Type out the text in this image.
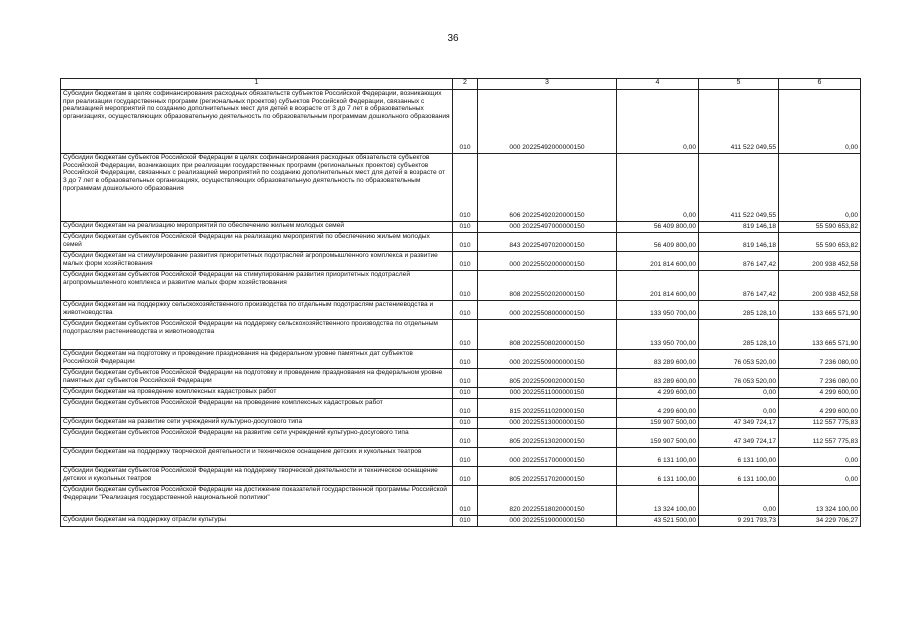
36
1	2	3	4	5	6
Субсидии бюджетам в целях софинансирования расходных обязательств субъектов Российской Федерации, возникающих при реализации государственных программ (региональных проектов) субъектов Российской Федерации, связанных с реализацией мероприятий по созданию дополнительных мест для детей в возрасте от 3 до 7 лет в образовательных организациях, осуществляющих образовательную деятельность по образовательным программам дошкольного образования	010	000 20225492000000150	0,00	411 522 049,55	0,00
Субсидии бюджетам субъектов Российской Федерации в целях софинансирования расходных обязательств субъектов Российской Федерации, возникающих при реализации государственных программ (региональных проектов) субъектов Российской Федерации, связанных с реализацией мероприятий по созданию дополнительных мест для детей в возрасте от 3 до 7 лет в образовательных организациях, осуществляющих образовательную деятельность по образовательным программам дошкольного образования	010	606 20225492020000150	0,00	411 522 049,55	0,00
Субсидии бюджетам на реализацию мероприятий по обеспечению жильем молодых семей	010	000 20225497000000150	56 409 800,00	819 146,18	55 590 653,82
Субсидии бюджетам субъектов Российской Федерации на реализацию мероприятий по обеспечению жильем молодых семей	010	843 20225497020000150	56 409 800,00	819 146,18	55 590 653,82
Субсидии бюджетам на стимулирование развития приоритетных подотраслей агропромышленного комплекса и развитие малых форм хозяйствования	010	000 20225502000000150	201 814 600,00	876 147,42	200 938 452,58
Субсидии бюджетам субъектов Российской Федерации на стимулирование развития приоритетных подотраслей агропромышленного комплекса и развитие малых форм хозяйствования	010	808 20225502020000150	201 814 600,00	876 147,42	200 938 452,58
Субсидии бюджетам на поддержку сельскохозяйственного производства по отдельным подотраслям растениеводства и животноводства	010	000 20225508000000150	133 950 700,00	285 128,10	133 665 571,90
Субсидии бюджетам субъектов Российской Федерации на поддержку сельскохозяйственного производства по отдельным подотраслям растениеводства и животноводства	010	808 20225508020000150	133 950 700,00	285 128,10	133 665 571,90
Субсидии бюджетам на подготовку и проведение празднования на федеральном уровне памятных дат субъектов Российской Федерации	010	000 20225509000000150	83 289 600,00	76 053 520,00	7 236 080,00
Субсидии бюджетам субъектов Российской Федерации на подготовку и проведение празднования на федеральном уровне памятных дат субъектов Российской Федерации	010	805 20225509020000150	83 289 600,00	76 053 520,00	7 236 080,00
Субсидии бюджетам на проведение комплексных кадастровых работ	010	000 20225511000000150	4 299 600,00	0,00	4 299 600,00
Субсидии бюджетам субъектов Российской Федерации на проведение комплексных кадастровых работ	010	815 20225511020000150	4 299 600,00	0,00	4 299 600,00
Субсидии бюджетам на развитие сети учреждений культурно-досугового типа	010	000 20225513000000150	159 907 500,00	47 349 724,17	112 557 775,83
Субсидии бюджетам субъектов Российской Федерации на развитие сети учреждений культурно-досугового типа	010	805 20225513020000150	159 907 500,00	47 349 724,17	112 557 775,83
Субсидии бюджетам на поддержку творческой деятельности и техническое оснащение детских и кукольных театров	010	000 20225517000000150	6 131 100,00	6 131 100,00	0,00
Субсидии бюджетам субъектов Российской Федерации на поддержку творческой деятельности и техническое оснащение детских и кукольных театров	010	805 20225517020000150	6 131 100,00	6 131 100,00	0,00
Субсидии бюджетам субъектов Российской Федерации на достижение показателей государственной программы Российской Федерации "Реализация государственной национальной политики"	010	820 20225518020000150	13 324 100,00	0,00	13 324 100,00
Субсидии бюджетам на поддержку отрасли культуры	010	000 20225519000000150	43 521 500,00	9 291 793,73	34 229 706,27
